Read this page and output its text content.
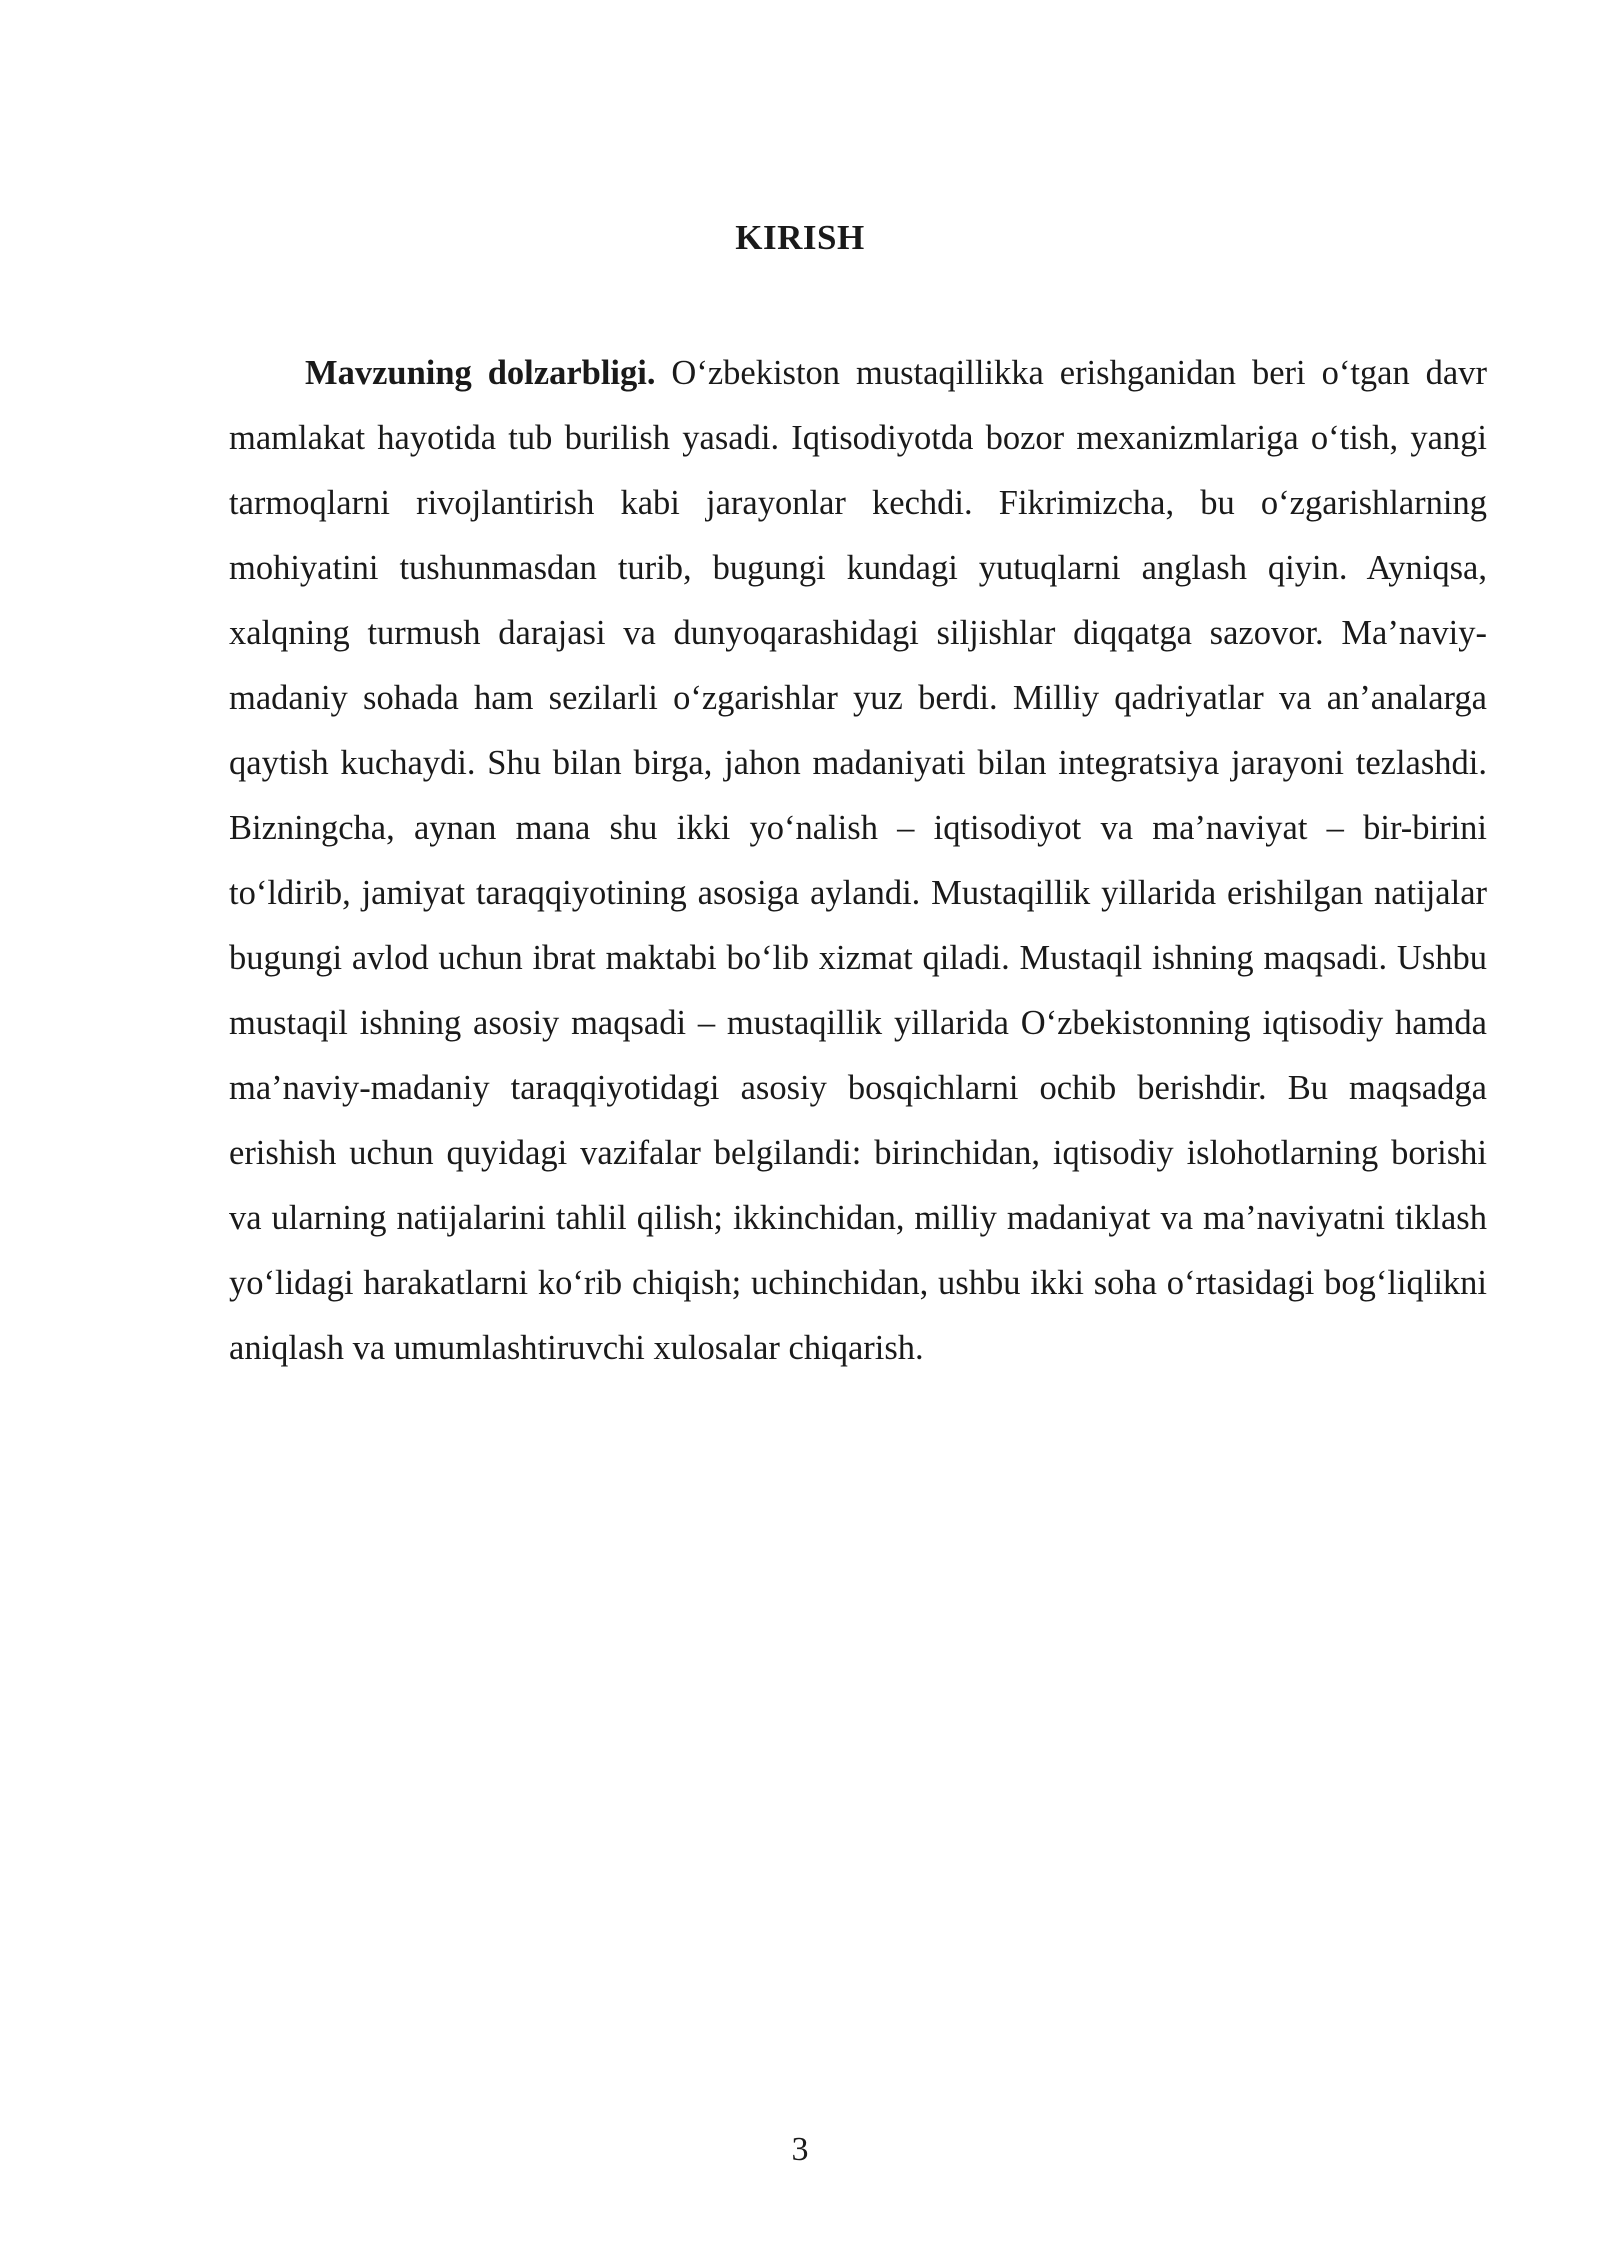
KIRISH

Mavzuning dolzarbligi. O‘zbekiston mustaqillikka erishganidan beri o‘tgan davr mamlakat hayotida tub burilish yasadi. Iqtisodiyotda bozor mexanizmlariga o‘tish, yangi tarmoqlarni rivojlantirish kabi jarayonlar kechdi. Fikrimizcha, bu o‘zgarishlarning mohiyatini tushunmasdan turib, bugungi kundagi yutuqlarni anglash qiyin. Ayniqsa, xalqning turmush darajasi va dunyoqarashidagi siljishlar diqqatga sazovor. Ma’naviy-madaniy sohada ham sezilarli o‘zgarishlar yuz berdi. Milliy qadriyatlar va an’analarga qaytish kuchaydi. Shu bilan birga, jahon madaniyati bilan integratsiya jarayoni tezlashdi. Bizningcha, aynan mana shu ikki yo‘nalish – iqtisodiyot va ma’naviyat – bir-birini to‘ldirib, jamiyat taraqqiyotining asosiga aylandi. Mustaqillik yillarida erishilgan natijalar bugungi avlod uchun ibrat maktabi bo‘lib xizmat qiladi. Mustaqil ishning maqsadi. Ushbu mustaqil ishning asosiy maqsadi – mustaqillik yillarida O‘zbekistonning iqtisodiy hamda ma’naviy-madaniy taraqqiyotidagi asosiy bosqichlarni ochib berishdir. Bu maqsadga erishish uchun quyidagi vazifalar belgilandi: birinchidan, iqtisodiy islohotlarning borishi va ularning natijalarini tahlil qilish; ikkinchidan, milliy madaniyat va ma’naviyatni tiklash yo‘lidagi harakatlarni ko‘rib chiqish; uchinchidan, ushbu ikki soha o‘rtasidagi bog‘liqlikni aniqlash va umumlashtiruvchi xulosalar chiqarish.

3
